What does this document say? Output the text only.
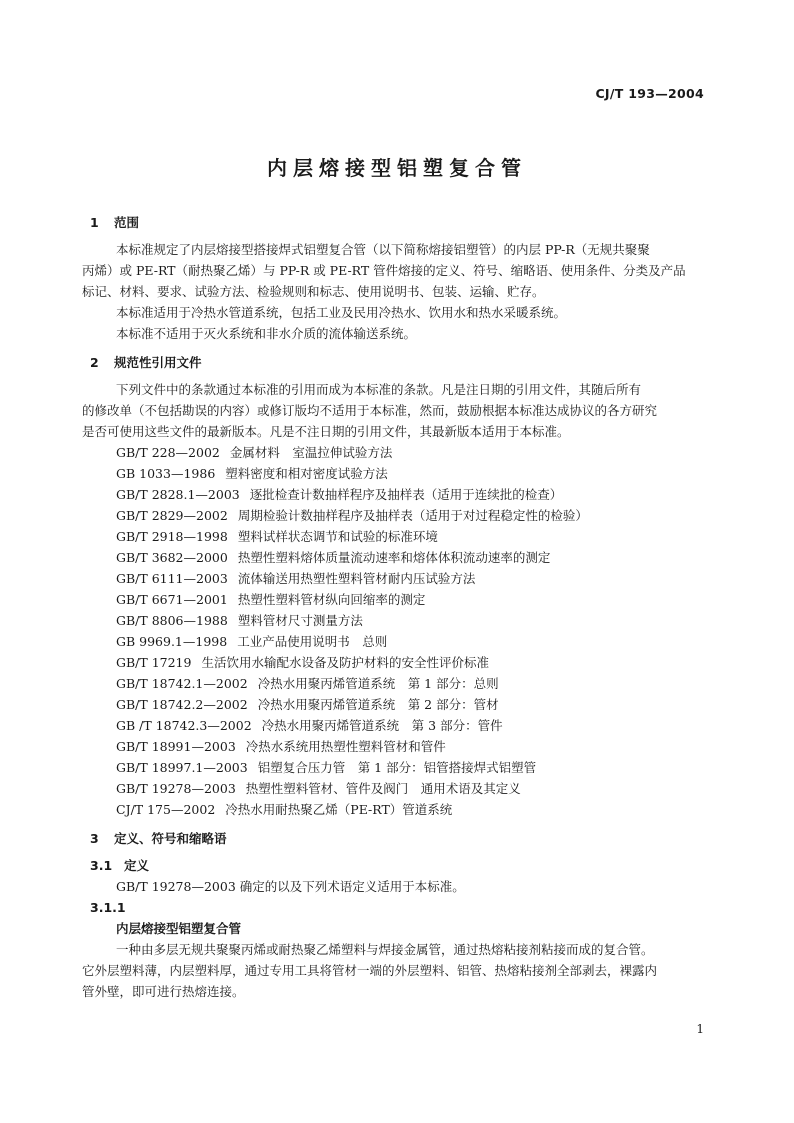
CJ/T 193—2004
内层熔接型铝塑复合管

1 范围

本标准规定了内层熔接型搭接焊式铝塑复合管（以下简称熔接铝塑管）的内层 PP-R（无规共聚聚

丙烯）或 PE-RT（耐热聚乙烯）与 PP-R 或 PE-RT 管件熔接的定义、符号、缩略语、使用条件、分类及产品

标记、材料、要求、试验方法、检验规则和标志、使用说明书、包装、运输、贮存。

本标准适用于冷热水管道系统，包括工业及民用冷热水、饮用水和热水采暖系统。

本标准不适用于灭火系统和非水介质的流体输送系统。

2 规范性引用文件

下列文件中的条款通过本标准的引用而成为本标准的条款。凡是注日期的引用文件，其随后所有

的修改单（不包括勘误的内容）或修订版均不适用于本标准，然而，鼓励根据本标准达成协议的各方研究

是否可使用这些文件的最新版本。凡是不注日期的引用文件，其最新版本适用于本标准。

GB/T 228—2002 金属材料　室温拉伸试验方法

GB 1033—1986 塑料密度和相对密度试验方法

GB/T 2828.1—2003 逐批检查计数抽样程序及抽样表（适用于连续批的检查）

GB/T 2829—2002 周期检验计数抽样程序及抽样表（适用于对过程稳定性的检验）

GB/T 2918—1998 塑料试样状态调节和试验的标准环境

GB/T 3682—2000 热塑性塑料熔体质量流动速率和熔体体积流动速率的测定

GB/T 6111—2003 流体输送用热塑性塑料管材耐内压试验方法

GB/T 6671—2001 热塑性塑料管材纵向回缩率的测定

GB/T 8806—1988 塑料管材尺寸测量方法

GB 9969.1—1998 工业产品使用说明书　总则

GB/T 17219 生活饮用水输配水设备及防护材料的安全性评价标准

GB/T 18742.1—2002 冷热水用聚丙烯管道系统　第 1 部分：总则

GB/T 18742.2—2002 冷热水用聚丙烯管道系统　第 2 部分：管材

GB /T 18742.3—2002 冷热水用聚丙烯管道系统　第 3 部分：管件

GB/T 18991—2003 冷热水系统用热塑性塑料管材和管件

GB/T 18997.1—2003 铝塑复合压力管　第 1 部分：铝管搭接焊式铝塑管

GB/T 19278—2003 热塑性塑料管材、管件及阀门　通用术语及其定义

CJ/T 175—2002 冷热水用耐热聚乙烯（PE-RT）管道系统

3 定义、符号和缩略语

3.1 定义

GB/T 19278—2003 确定的以及下列术语定义适用于本标准。

3.1.1

内层熔接型铝塑复合管

一种由多层无规共聚聚丙烯或耐热聚乙烯塑料与焊接金属管，通过热熔粘接剂粘接而成的复合管。

它外层塑料薄，内层塑料厚，通过专用工具将管材一端的外层塑料、铝管、热熔粘接剂全部剥去，裸露内

管外壁，即可进行热熔连接。

1
